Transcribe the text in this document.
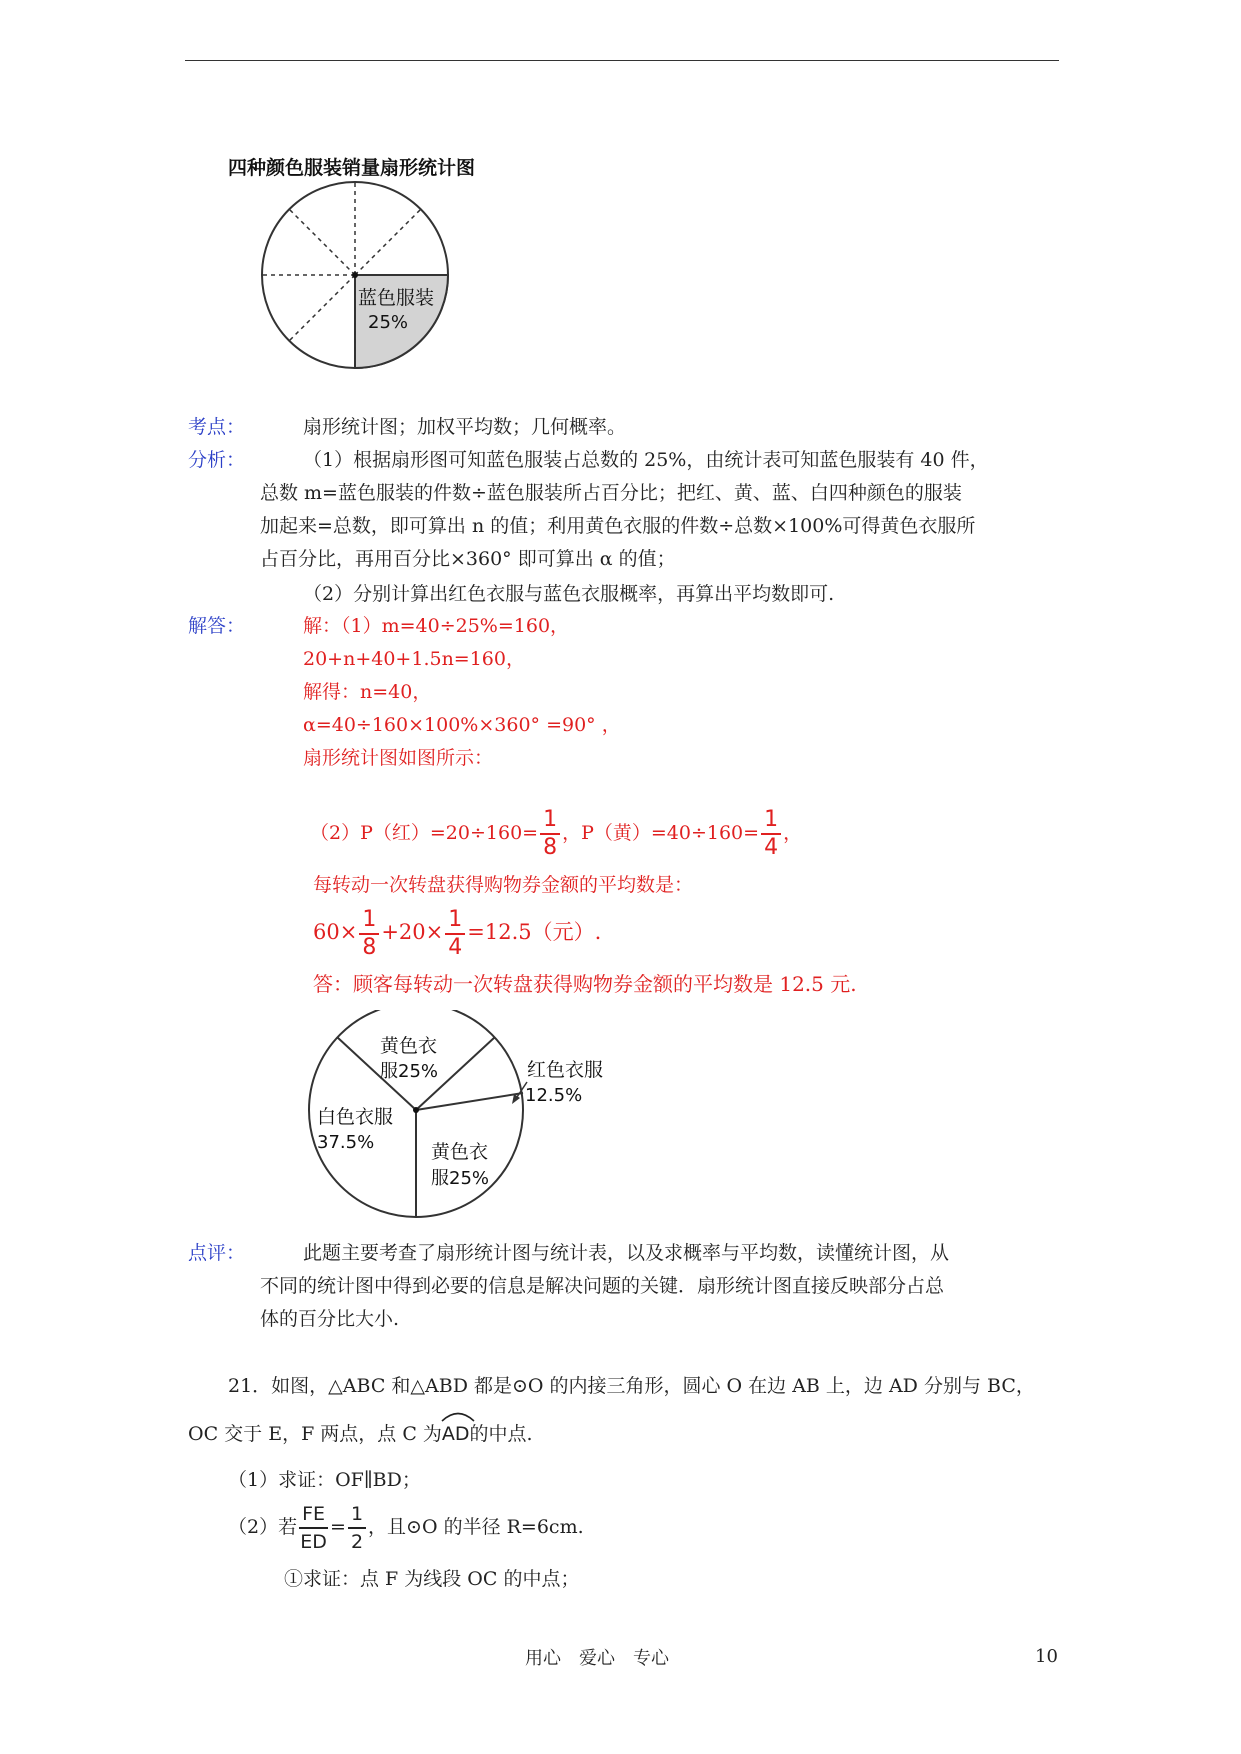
四种颜色服装销量扇形统计图
蓝色服装
25%
考点：	扇形统计图；加权平均数；几何概率。
分析：	（1）根据扇形图可知蓝色服装占总数的 25%，由统计表可知蓝色服装有 40 件，
总数 m=蓝色服装的件数÷蓝色服装所占百分比；把红、黄、蓝、白四种颜色的服装
加起来=总数，即可算出 n 的值；利用黄色衣服的件数÷总数×100%可得黄色衣服所
占百分比，再用百分比×360° 即可算出 α 的值；
（2）分别计算出红色衣服与蓝色衣服概率，再算出平均数即可.
解答：	解：（1）m=40÷25%=160，
20+n+40+1.5n=160，
解得：n=40，
α=40÷160×100%×360° =90° ，
扇形统计图如图所示：
（2）P（红）$=20\div 160= \frac{1}{8}$ ，P（黄）$=40\div 160= \frac{1}{4}$ ，
每转动一次转盘获得购物券金额的平均数是：
$60\times \frac{1}{8} +20\times \frac{1}{4} =12.5$（元）.
答：顾客每转动一次转盘获得购物券金额的平均数是 12.5 元.
黄色衣
服25%	红色衣服
12.5%
白色衣服
37.5%	黄色衣
服25%
点评：	此题主要考查了扇形统计图与统计表，以及求概率与平均数，读懂统计图，从
不同的统计图中得到必要的信息是解决问题的关键．扇形统计图直接反映部分占总
体的百分比大小.
21．如图，△ABC 和△ABD 都是⊙O 的内接三角形，圆心 O 在边 AB 上，边 AD 分别与 BC，
OC 交于 E，F 两点，点 C 为
AD的中点.
（1）求证：OF∥BD；
（2）若 $\frac{FE}{ED} = \frac{1}{2}$ ，且⊙O 的半径 R=6cm.
①求证：点 F 为线段 OC 的中点；
用心　爱心　专心	10
